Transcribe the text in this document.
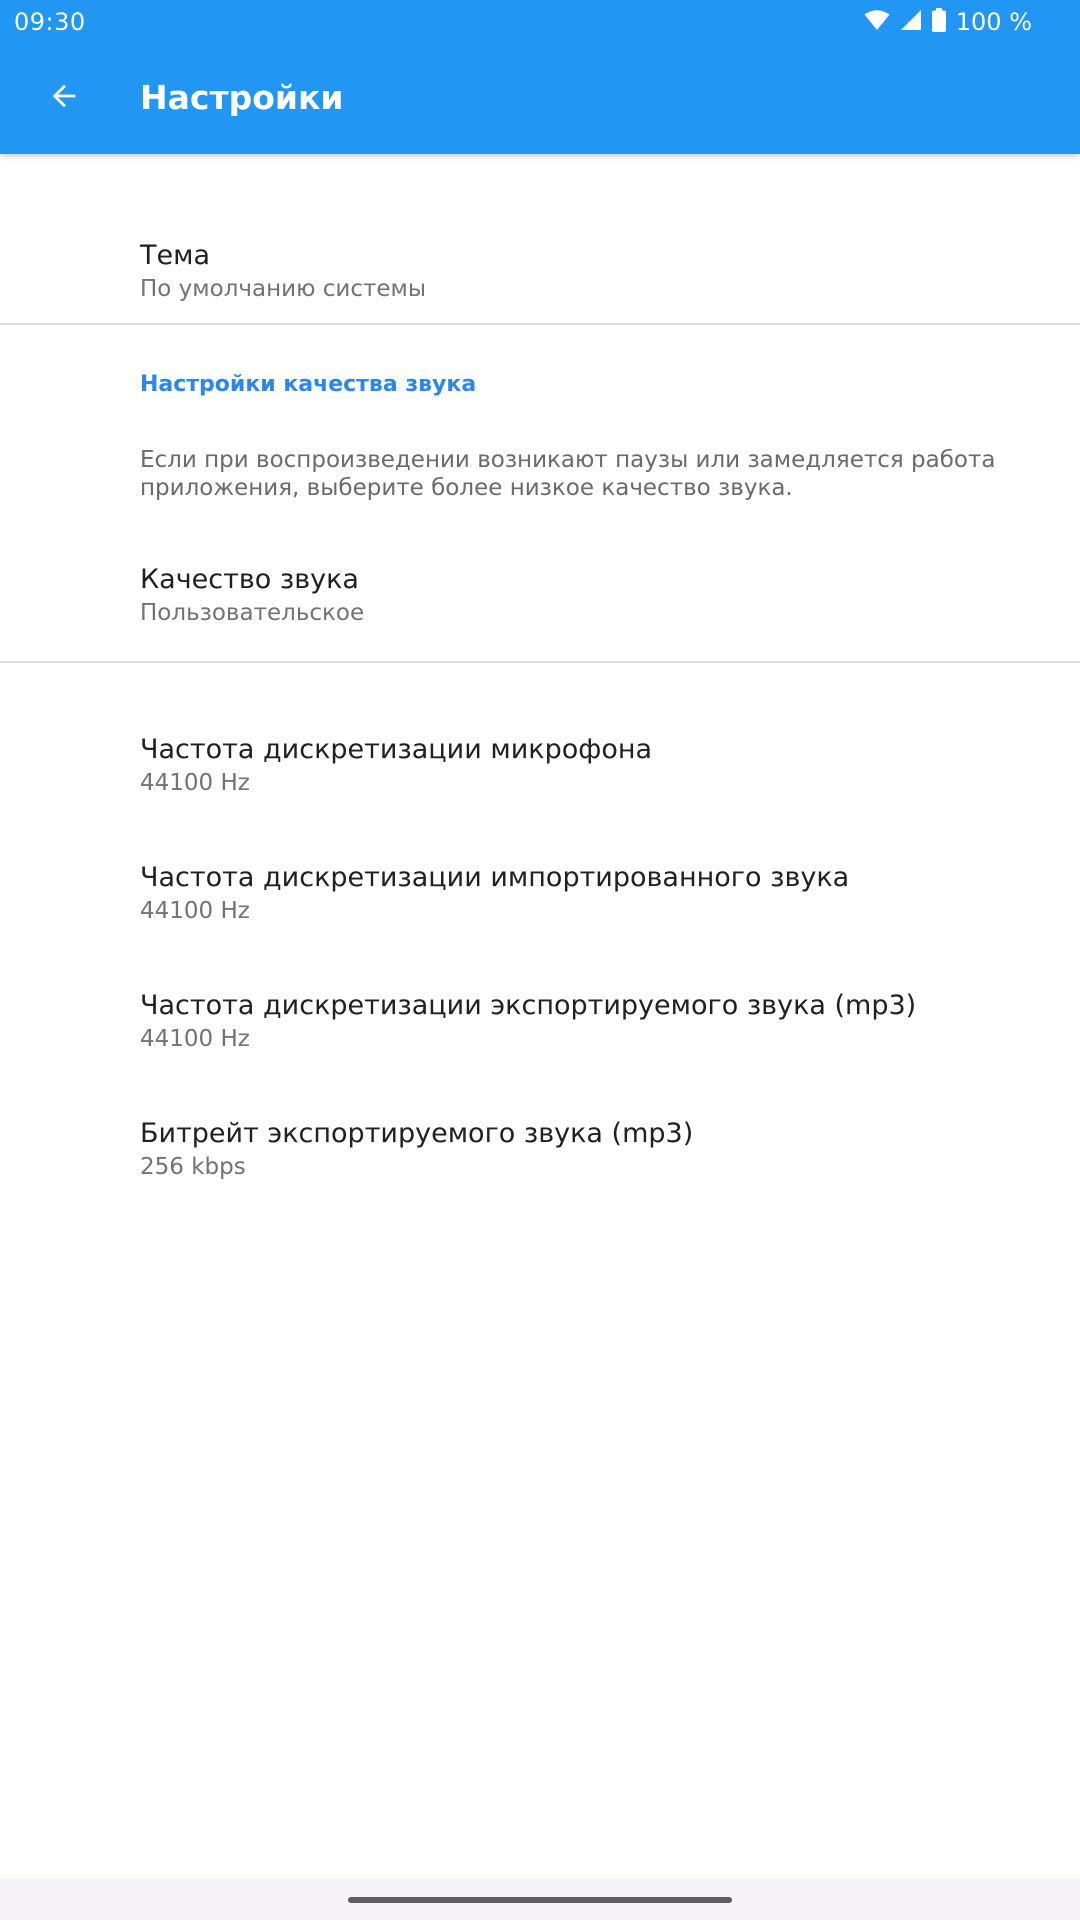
09:30	100 %
Настройки
Тема
По умолчанию системы
Настройки качества звука
Если при воспроизведении возникают паузы или замедляется работа приложения, выберите более низкое качество звука.
Качество звука
Пользовательское
Частота дискретизации микрофона
44100 Hz
Частота дискретизации импортированного звука
44100 Hz
Частота дискретизации экспортируемого звука (mp3)
44100 Hz
Битрейт экспортируемого звука (mp3)
256 kbps
